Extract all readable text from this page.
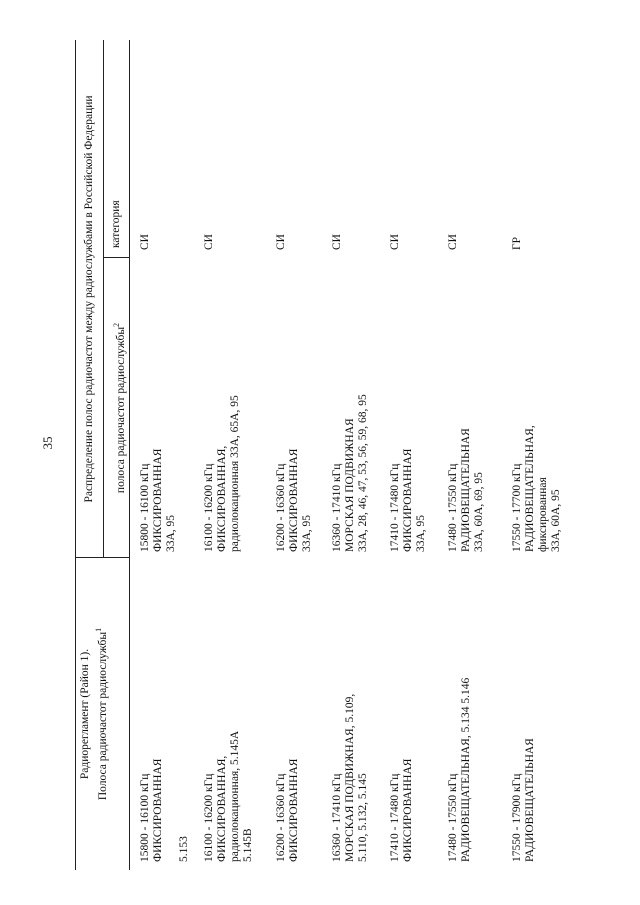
35
Радиорегламент (Район 1). Полоса радиочастот радиослужбы$^1$
Распределение полос радиочастот между радиослужбами в Российской Федерации	полоса радиочастот радиослужбы$^2$
категория
15800 - 16100 кГц ФИКСИРОВАННАЯ 5.153
15800 - 16100 кГц ФИКСИРОВАННАЯ 33А, 95
СИ
16100 - 16200 кГц ФИКСИРОВАННАЯ, радиолокационная, 5.145А 5.145В
16100 - 16200 кГц ФИКСИРОВАННАЯ, радиолокационная 33А, 65А, 95
СИ
16200 - 16360 кГц ФИКСИРОВАННАЯ
16200 - 16360 кГц ФИКСИРОВАННАЯ 33А, 95
СИ
16360 - 17410 кГц МОРСКАЯ ПОДВИЖНАЯ, 5.109, 5.110, 5.132, 5.145
16360 - 17410 кГц МОРСКАЯ ПОДВИЖНАЯ 33А, 28, 46, 47, 53, 56, 59, 68, 95
СИ
17410 - 17480 кГц ФИКСИРОВАННАЯ
17410 - 17480 кГц ФИКСИРОВАННАЯ 33А, 95
СИ
17480 - 17550 кГц РАДИОВЕЩАТЕЛЬНАЯ, 5.134 5.146
17480 - 17550 кГц РАДИОВЕЩАТЕЛЬНАЯ 33А, 60А, 69, 95
СИ
17550 - 17900 кГц РАДИОВЕЩАТЕЛЬНАЯ
17550 - 17700 кГц РАДИОВЕЩАТЕЛЬНАЯ, фиксированная 33А, 60А, 95
ГР
